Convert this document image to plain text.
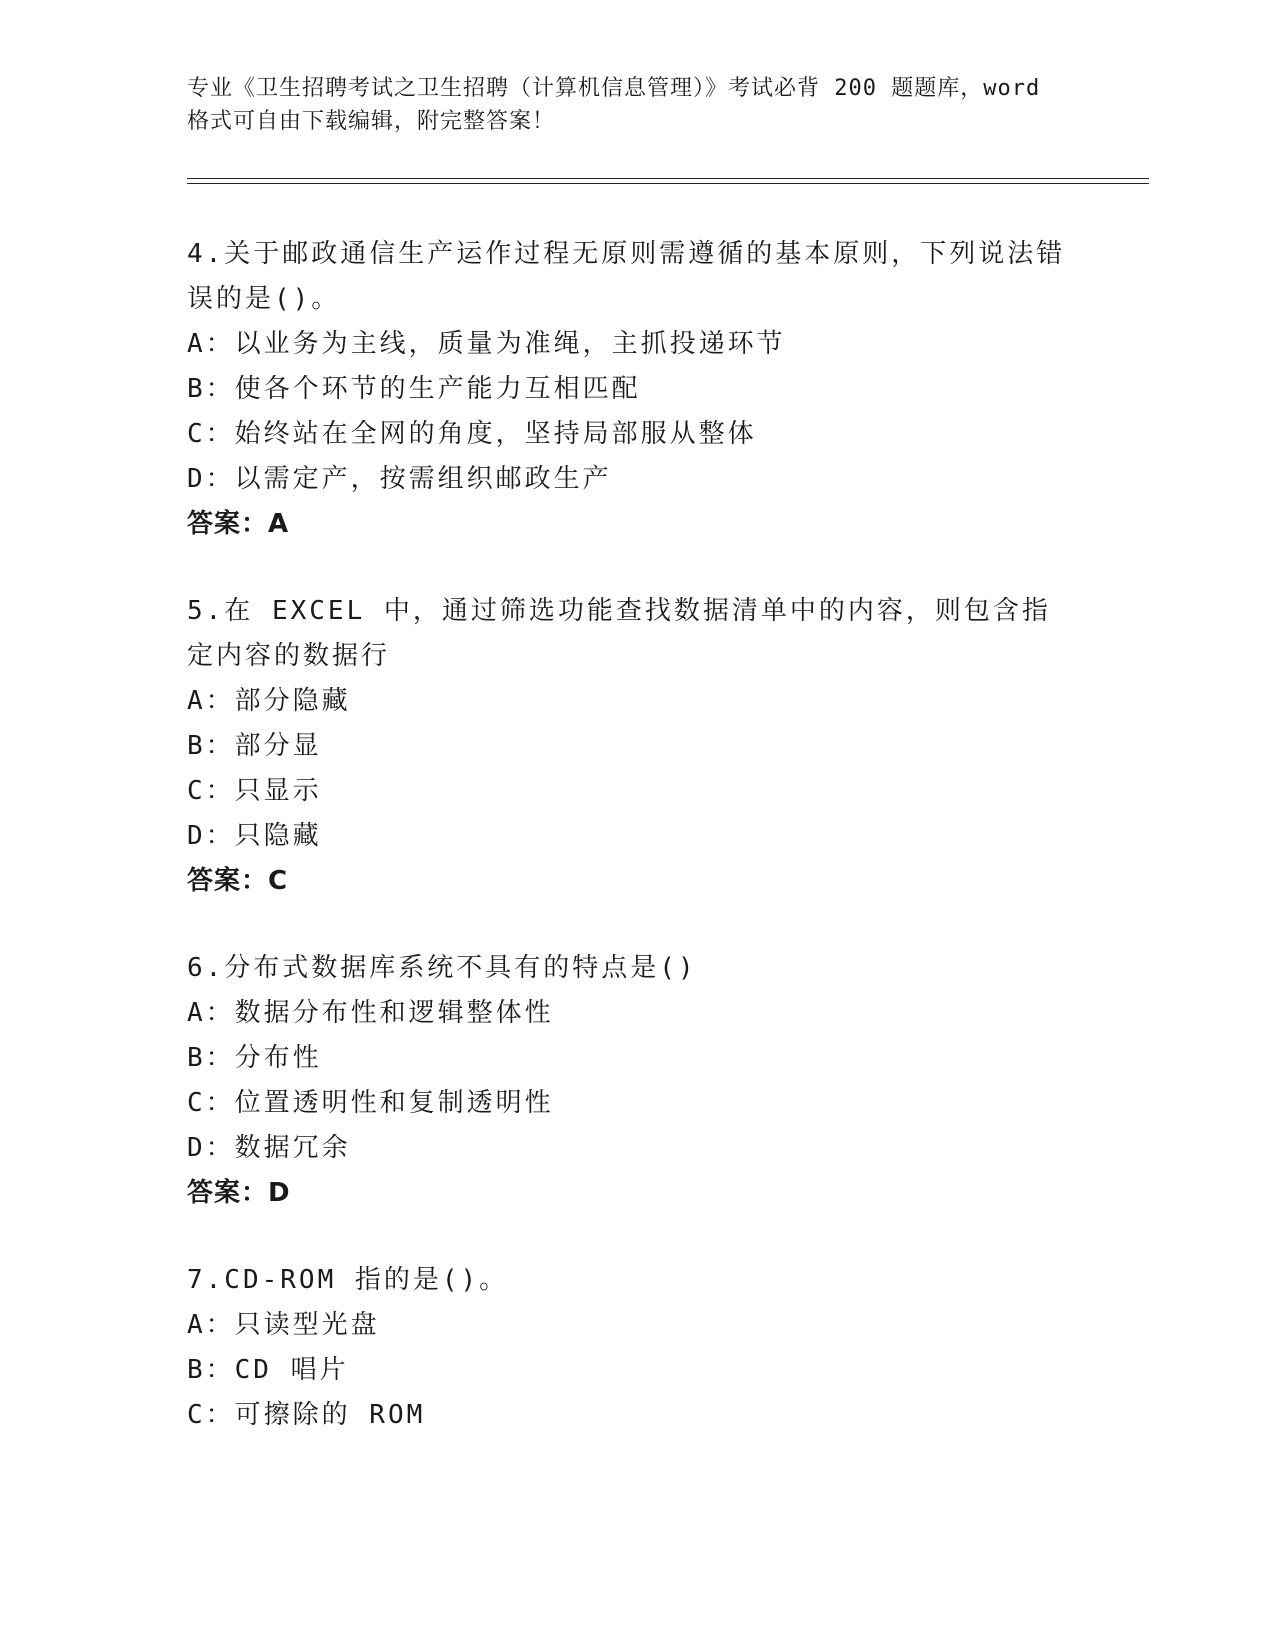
专业《卫生招聘考试之卫生招聘（计算机信息管理）》考试必背 200 题题库，word
格式可自由下载编辑，附完整答案！
4.关于邮政通信生产运作过程无原则需遵循的基本原则，下列说法错误的是()。
A：以业务为主线，质量为准绳，主抓投递环节
B：使各个环节的生产能力互相匹配
C：始终站在全网的角度，坚持局部服从整体
D：以需定产，按需组织邮政生产
答案：A
5.在 EXCEL 中，通过筛选功能查找数据清单中的内容，则包含指定内容的数据行
A：部分隐藏
B：部分显
C：只显示
D：只隐藏
答案：C
6.分布式数据库系统不具有的特点是()
A：数据分布性和逻辑整体性
B：分布性
C：位置透明性和复制透明性
D：数据冗余
答案：D
7.CD-ROM 指的是()。
A：只读型光盘
B：CD 唱片
C：可擦除的 ROM
